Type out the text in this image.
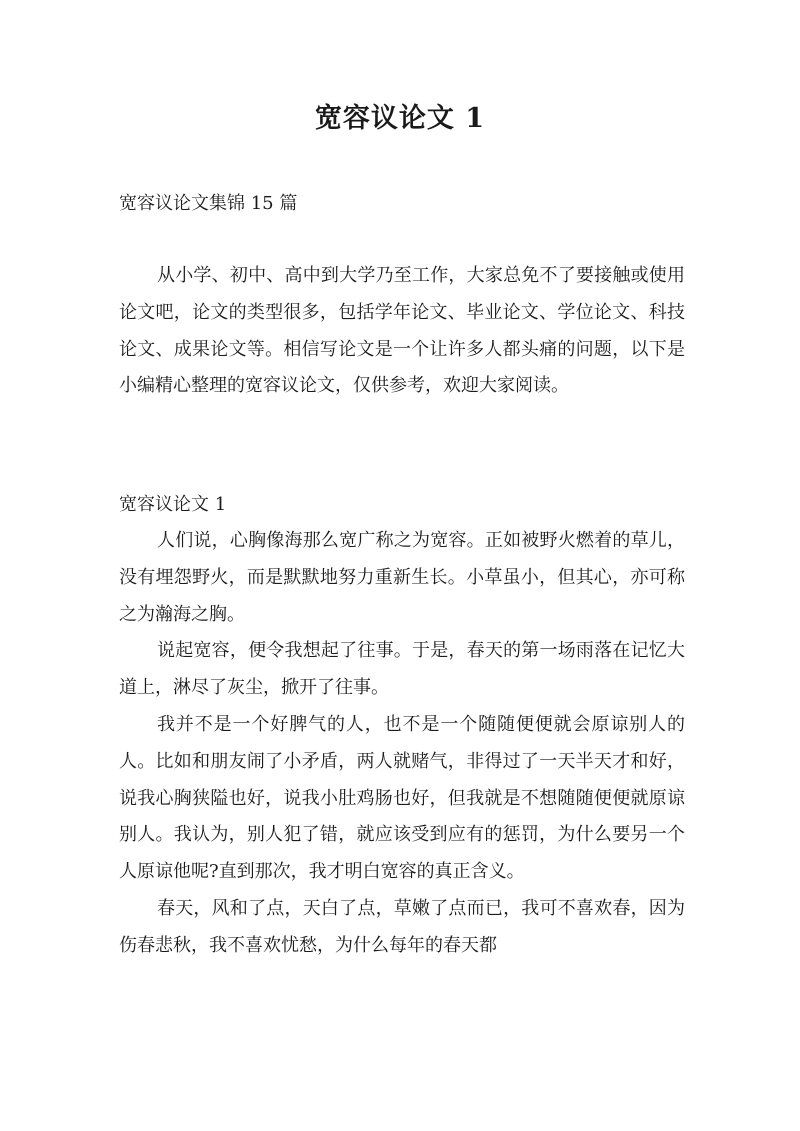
宽容议论文 1

宽容议论文集锦 15 篇

从小学、初中、高中到大学乃至工作，大家总免不了要接触或使用论文吧，论文的类型很多，包括学年论文、毕业论文、学位论文、科技论文、成果论文等。相信写论文是一个让许多人都头痛的问题，以下是小编精心整理的宽容议论文，仅供参考，欢迎大家阅读。

宽容议论文 1

人们说，心胸像海那么宽广称之为宽容。正如被野火燃着的草儿，没有埋怨野火，而是默默地努力重新生长。小草虽小，但其心，亦可称之为瀚海之胸。

说起宽容，便令我想起了往事。于是，春天的第一场雨落在记忆大道上，淋尽了灰尘，掀开了往事。

我并不是一个好脾气的人，也不是一个随随便便就会原谅别人的人。比如和朋友闹了小矛盾，两人就赌气，非得过了一天半天才和好，说我心胸狭隘也好，说我小肚鸡肠也好，但我就是不想随随便便就原谅别人。我认为，别人犯了错，就应该受到应有的惩罚，为什么要另一个人原谅他呢?直到那次，我才明白宽容的真正含义。

春天，风和了点，天白了点，草嫩了点而已，我可不喜欢春，因为伤春悲秋，我不喜欢忧愁，为什么每年的春天都
